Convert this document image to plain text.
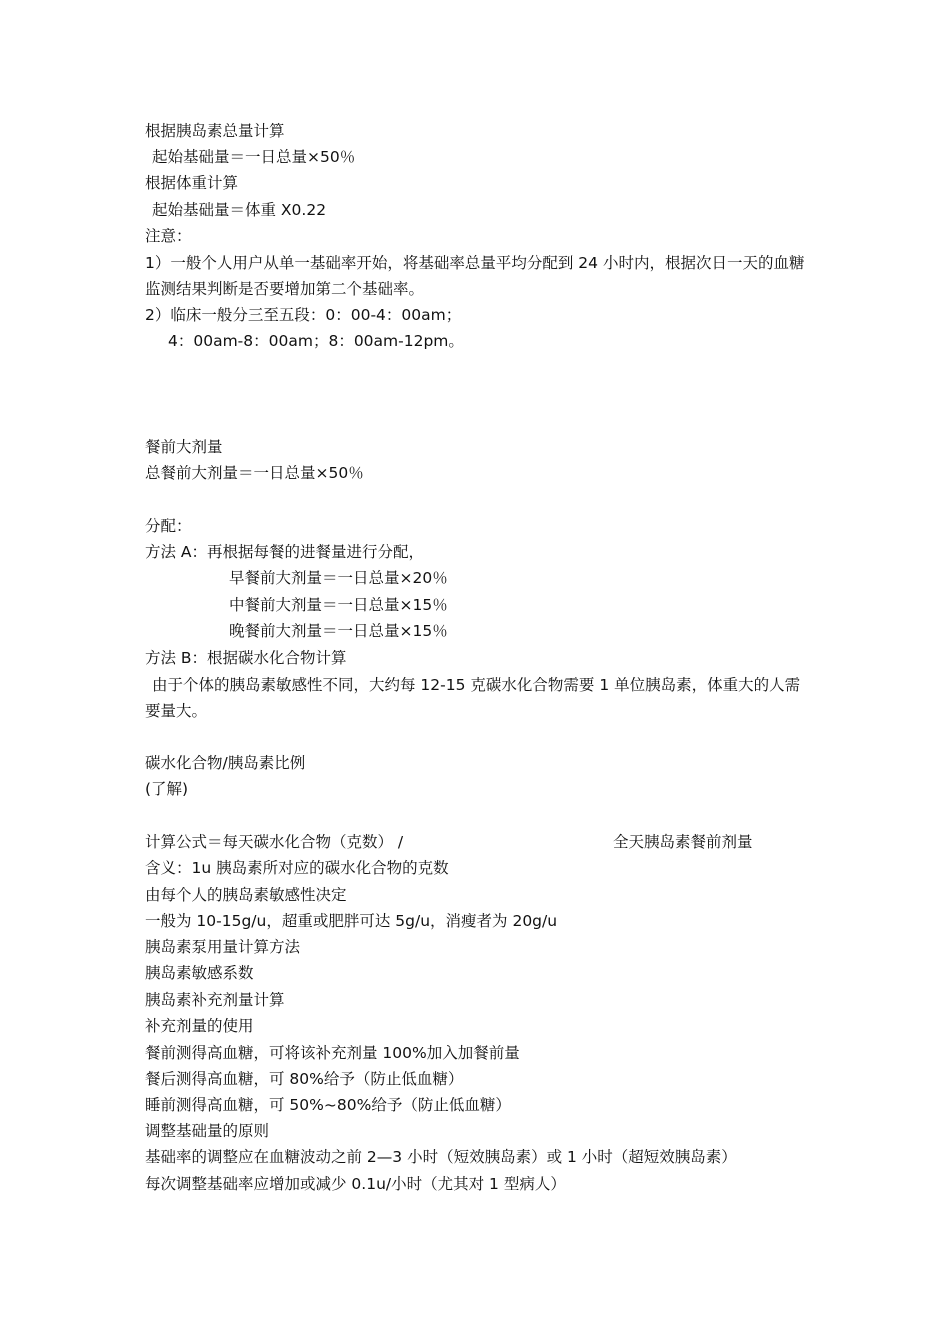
根据胰岛素总量计算
起始基础量＝一日总量×50％
根据体重计算
起始基础量＝体重 X0.22
注意：
1）一般个人用户从单一基础率开始，将基础率总量平均分配到 24 小时内，根据次日一天的血糖监测结果判断是否要增加第二个基础率。
2）临床一般分三至五段：0：00-4：00am；
4：00am-8：00am；8：00am-12pm。
餐前大剂量
总餐前大剂量＝一日总量×50％
分配：
方法 A：再根据每餐的进餐量进行分配，
早餐前大剂量＝一日总量×20％
中餐前大剂量＝一日总量×15％
晚餐前大剂量＝一日总量×15％
方法 B：根据碳水化合物计算
由于个体的胰岛素敏感性不同，大约每 12-15 克碳水化合物需要 1 单位胰岛素，体重大的人需要量大。
碳水化合物/胰岛素比例
(了解)
计算公式＝每天碳水化合物（克数） /	全天胰岛素餐前剂量
含义：1u 胰岛素所对应的碳水化合物的克数
由每个人的胰岛素敏感性决定
一般为 10-15g/u，超重或肥胖可达 5g/u，消瘦者为 20g/u
胰岛素泵用量计算方法
胰岛素敏感系数
胰岛素补充剂量计算
补充剂量的使用
餐前测得高血糖，可将该补充剂量 100%加入加餐前量
餐后测得高血糖，可 80%给予（防止低血糖）
睡前测得高血糖，可 50%~80%给予（防止低血糖）
调整基础量的原则
基础率的调整应在血糖波动之前 2—3 小时（短效胰岛素）或 1 小时（超短效胰岛素）
每次调整基础率应增加或减少 0.1u/小时（尤其对 1 型病人）
